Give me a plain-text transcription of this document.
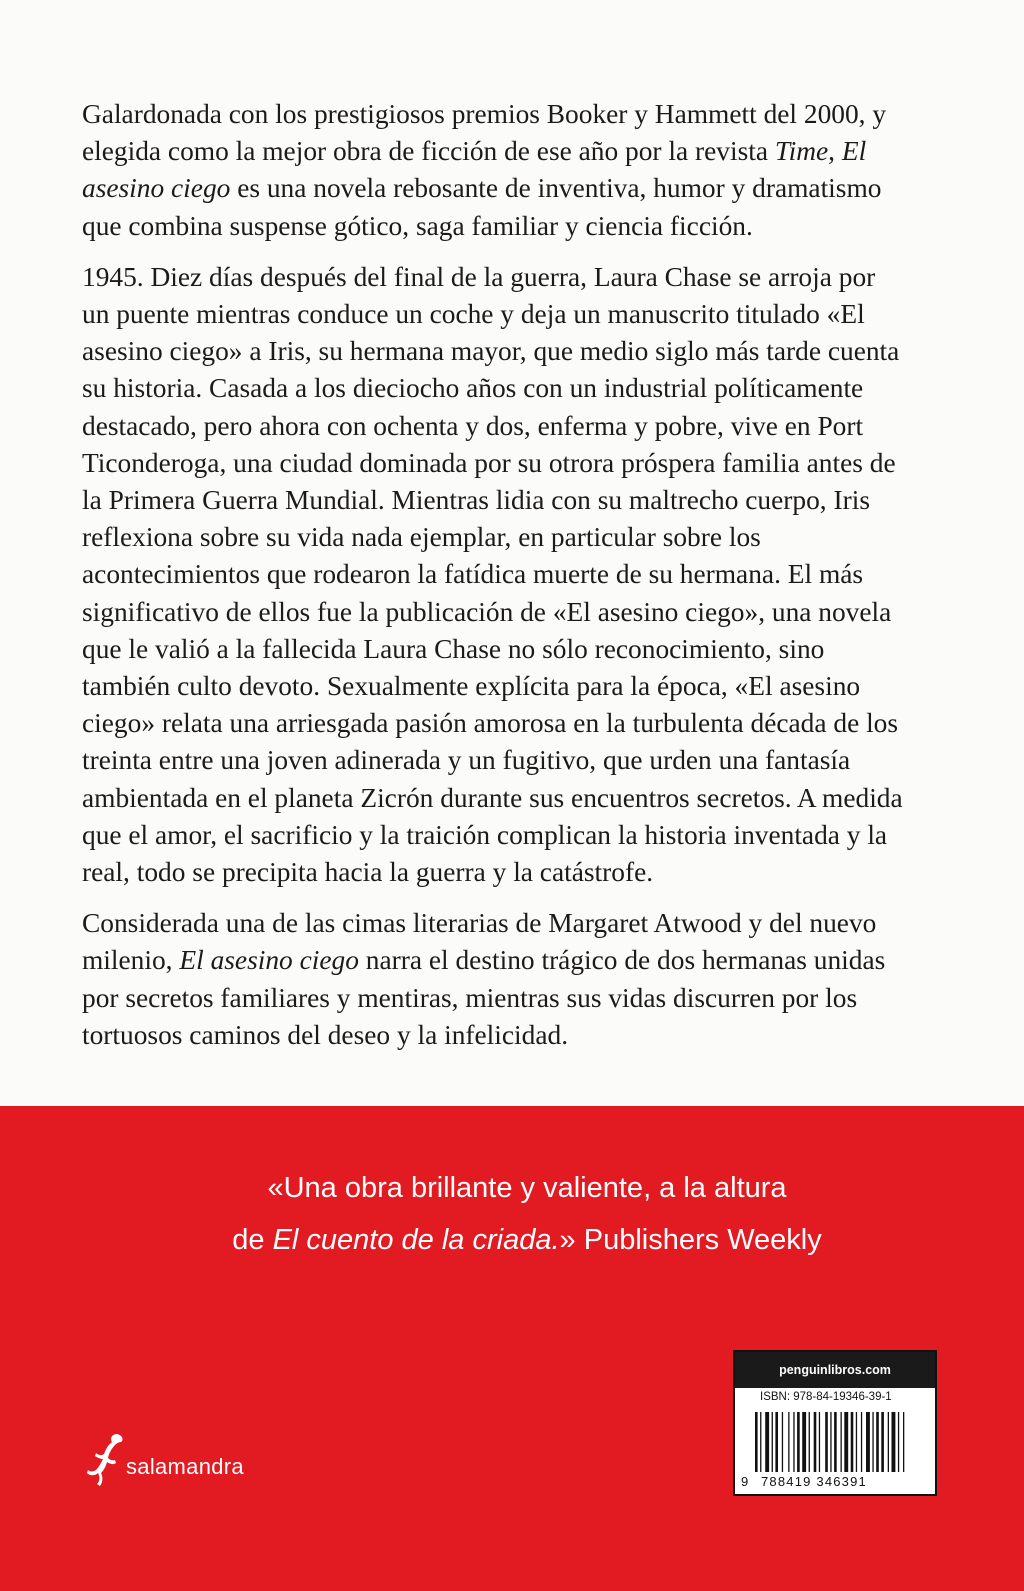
Galardonada con los prestigiosos premios Booker y Hammett del 2000, y elegida como la mejor obra de ficción de ese año por la revista Time, El asesino ciego es una novela rebosante de inventiva, humor y dramatismo que combina suspense gótico, saga familiar y ciencia ficción.

1945. Diez días después del final de la guerra, Laura Chase se arroja por un puente mientras conduce un coche y deja un manuscrito titulado «El asesino ciego» a Iris, su hermana mayor, que medio siglo más tarde cuenta su historia. Casada a los dieciocho años con un industrial políticamente destacado, pero ahora con ochenta y dos, enferma y pobre, vive en Port Ticonderoga, una ciudad dominada por su otrora próspera familia antes de la Primera Guerra Mundial. Mientras lidia con su maltrecho cuerpo, Iris reflexiona sobre su vida nada ejemplar, en particular sobre los acontecimientos que rodearon la fatídica muerte de su hermana. El más significativo de ellos fue la publicación de «El asesino ciego», una novela que le valió a la fallecida Laura Chase no sólo reconocimiento, sino también culto devoto. Sexualmente explícita para la época, «El asesino ciego» relata una arriesgada pasión amorosa en la turbulenta década de los treinta entre una joven adinerada y un fugitivo, que urden una fantasía ambientada en el planeta Zicrón durante sus encuentros secretos. A medida que el amor, el sacrificio y la traición complican la historia inventada y la real, todo se precipita hacia la guerra y la catástrofe.

Considerada una de las cimas literarias de Margaret Atwood y del nuevo milenio, El asesino ciego narra el destino trágico de dos hermanas unidas por secretos familiares y mentiras, mientras sus vidas discurren por los tortuosos caminos del deseo y la infelicidad.

«Una obra brillante y valiente, a la altura
de El cuento de la criada.» Publishers Weekly
salamandra
penguinlibros.com
ISBN: 978-84-19346-39-1
9 788419 346391
